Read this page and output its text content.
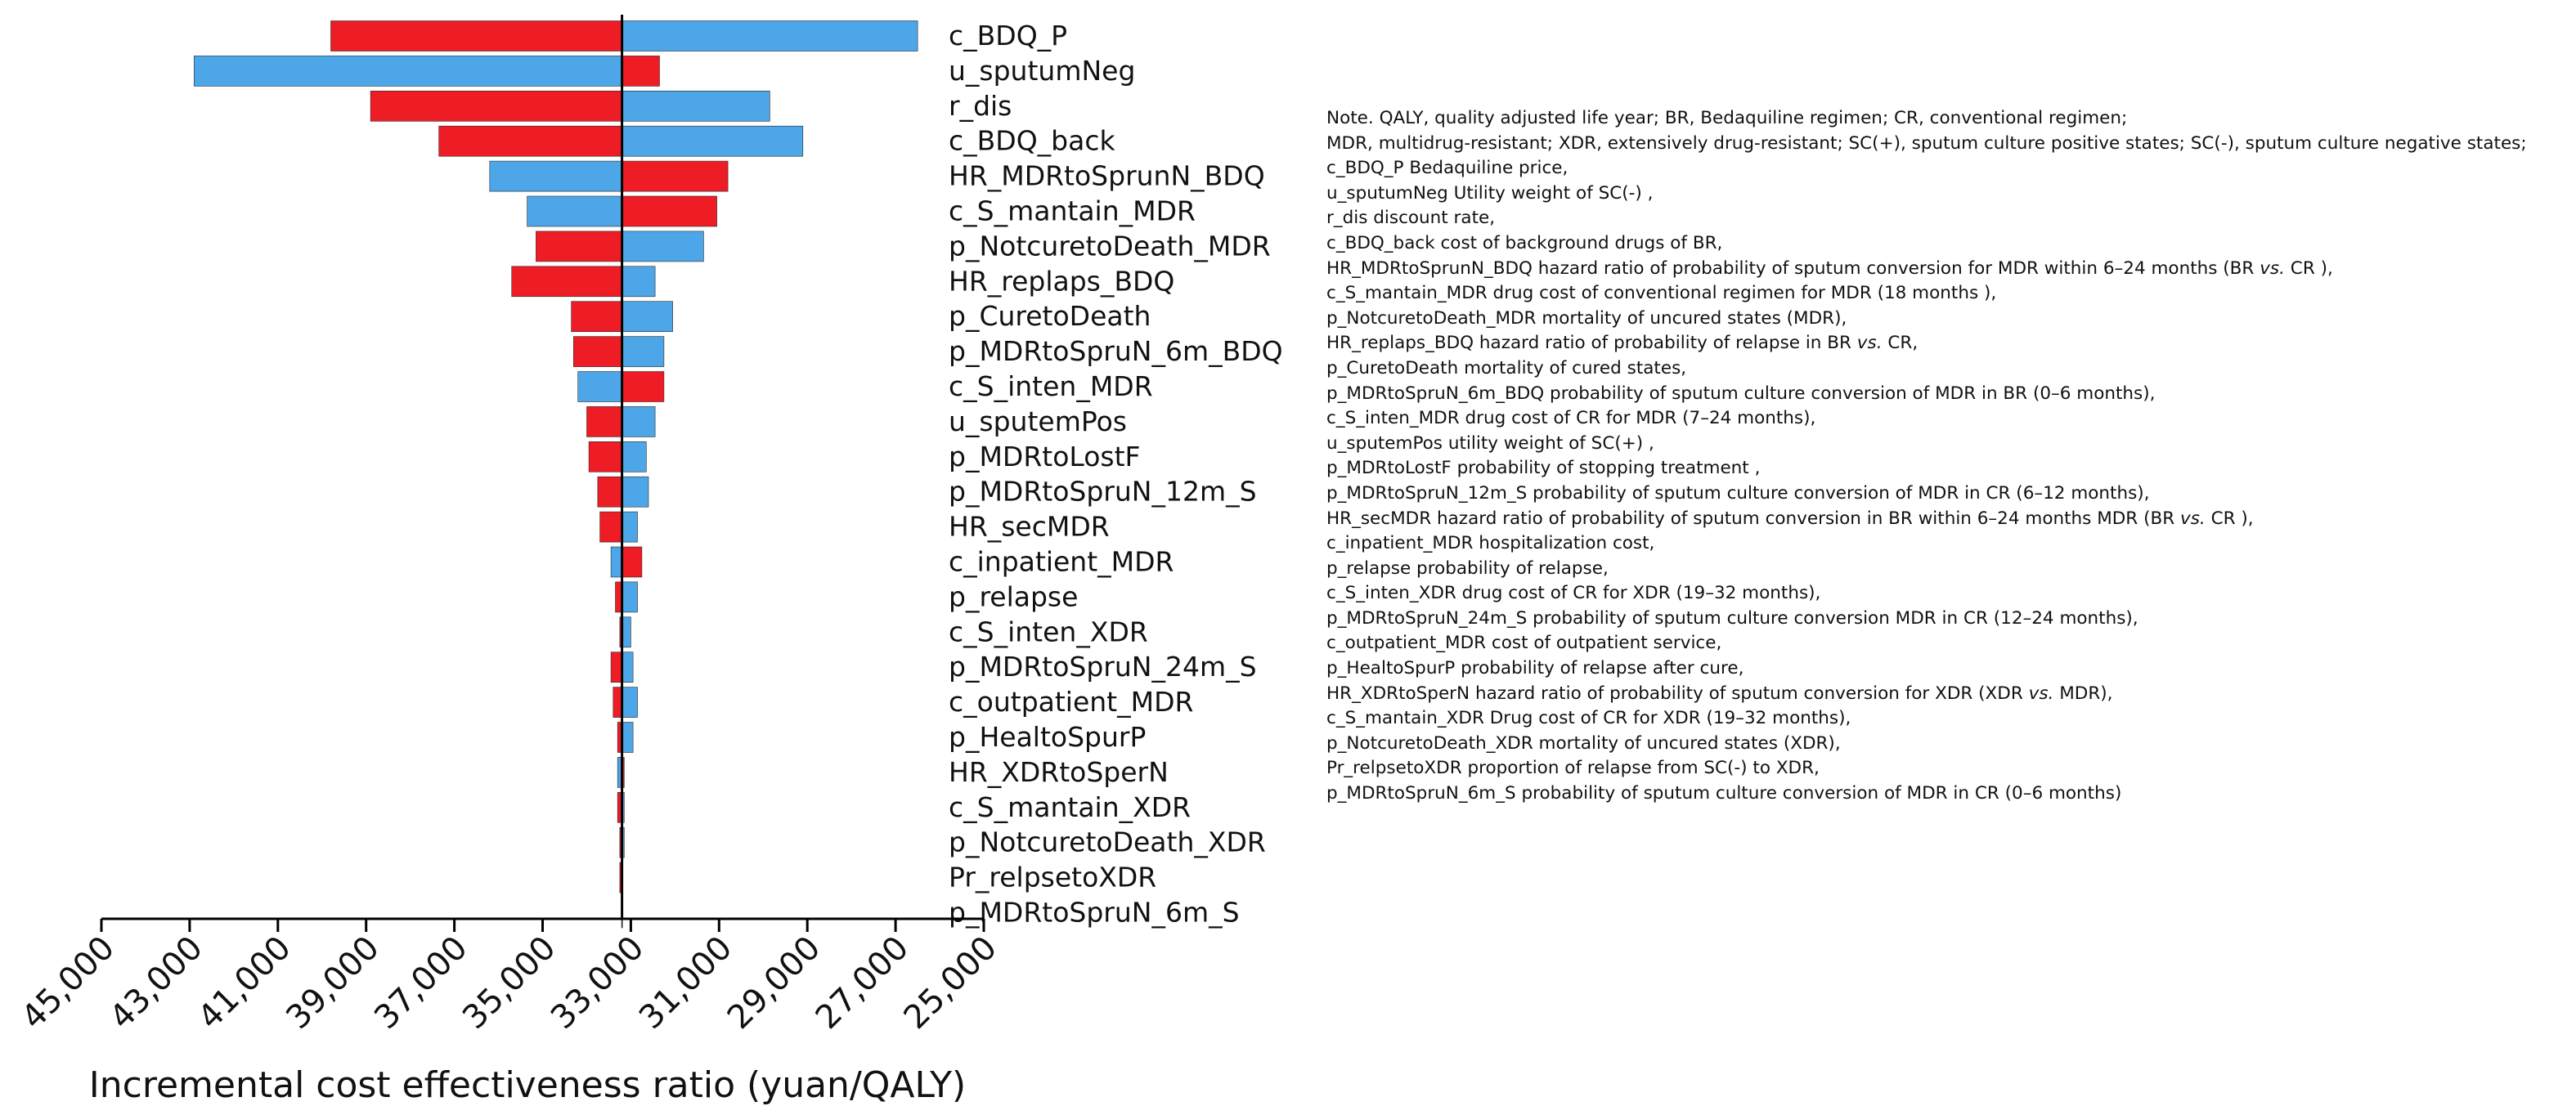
c_BDQ_P
u_sputumNeg
r_dis
c_BDQ_back
HR_MDRtoSprunN_BDQ
c_S_mantain_MDR
p_NotcuretoDeath_MDR
HR_replaps_BDQ
p_CuretoDeath
p_MDRtoSpruN_6m_BDQ
c_S_inten_MDR
u_sputemPos
p_MDRtoLostF
p_MDRtoSpruN_12m_S
HR_secMDR
c_inpatient_MDR
p_relapse
c_S_inten_XDR
p_MDRtoSpruN_24m_S
c_outpatient_MDR
p_HealtoSpurP
HR_XDRtoSperN
c_S_mantain_XDR
p_NotcuretoDeath_XDR
Pr_relpsetoXDR
p_MDRtoSpruN_6m_S
45,000
43,000
41,000
39,000
37,000
35,000
33,000
31,000
29,000
27,000
25,000
Incremental cost effectiveness ratio (yuan/QALY)
Note. QALY, quality adjusted life year; BR, Bedaquiline regimen; CR, conventional regimen;
MDR, multidrug-resistant; XDR, extensively drug-resistant; SC(+), sputum culture positive states; SC(-), sputum culture negative states;
c_BDQ_P Bedaquiline price,
u_sputumNeg Utility weight of SC(-) ,
r_dis discount rate,
c_BDQ_back cost of background drugs of BR,
HR_MDRtoSprunN_BDQ hazard ratio of probability of sputum conversion for MDR within 6–24 months (BR vs. CR ),
c_S_mantain_MDR drug cost of conventional regimen for MDR (18 months ),
p_NotcuretoDeath_MDR mortality of uncured states (MDR),
HR_replaps_BDQ hazard ratio of probability of relapse in BR vs. CR,
p_CuretoDeath mortality of cured states,
p_MDRtoSpruN_6m_BDQ probability of sputum culture conversion of MDR in BR (0–6 months),
c_S_inten_MDR drug cost of CR for MDR (7–24 months),
u_sputemPos utility weight of SC(+) ,
p_MDRtoLostF probability of stopping treatment ,
p_MDRtoSpruN_12m_S probability of sputum culture conversion of MDR in CR (6–12 months),
HR_secMDR hazard ratio of probability of sputum conversion in BR within 6–24 months MDR (BR vs. CR ),
c_inpatient_MDR hospitalization cost,
p_relapse probability of relapse,
c_S_inten_XDR drug cost of CR for XDR (19–32 months),
p_MDRtoSpruN_24m_S probability of sputum culture conversion MDR in CR (12–24 months),
c_outpatient_MDR cost of outpatient service,
p_HealtoSpurP probability of relapse after cure,
HR_XDRtoSperN hazard ratio of probability of sputum conversion for XDR (XDR vs. MDR),
c_S_mantain_XDR Drug cost of CR for XDR (19–32 months),
p_NotcuretoDeath_XDR mortality of uncured states (XDR),
Pr_relpsetoXDR proportion of relapse from SC(-) to XDR,
p_MDRtoSpruN_6m_S probability of sputum culture conversion of MDR in CR (0–6 months)
